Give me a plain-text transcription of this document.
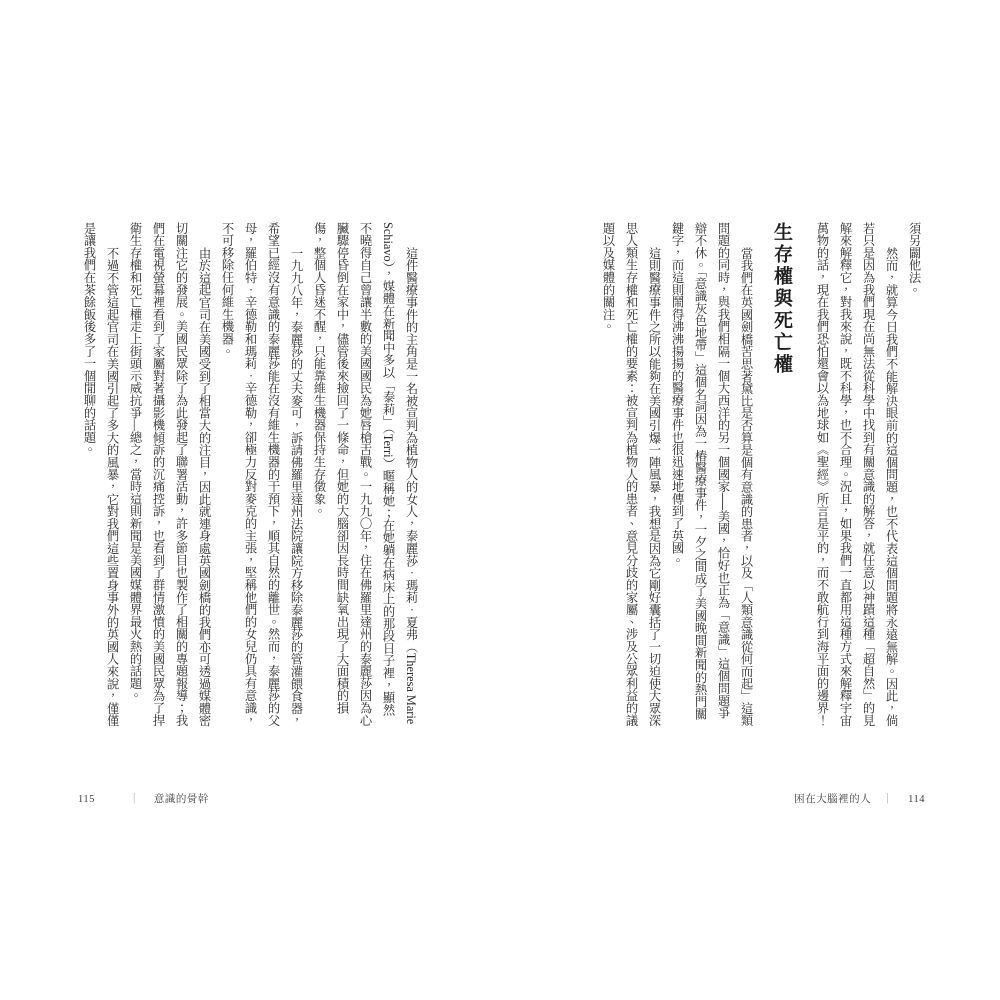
須另闢他法。

然而，就算今日我們不能解決眼前的這個問題，也不代表這個問題將永遠無解。因此，倘若只是因為我們現在尚無法從科學中找到有關意識的解答，就任意以神蹟這種「超自然」的見解來解釋它，對我來說，既不科學，也不合理。況且，如果我們一直都用這種方式來解釋宇宙萬物的話，現在我們恐怕還會以為地球如《聖經》所言是平的，而不敢航行到海平面的邊界！

生存權與死亡權

當我們在英國劍橋苦思著黛比是否算是個有意識的患者，以及「人類意識從何而起」這類問題的同時，與我們相隔一個大西洋的另一個國家──美國，恰好也正為「意識」這個問題爭辯不休。「意識灰色地帶」這個名詞因為一樁醫療事件，一夕之間成了美國晚間新聞的熱門關鍵字，而這則鬧得沸沸揚揚的醫療事件也很迅速地傳到了英國。

這則醫療事件之所以能夠在美國引爆一陣風暴，我想是因為它剛好囊括了一切迫使大眾深思人類生存權和死亡權的要素：被宣判為植物人的患者、意見分歧的家屬、涉及公眾利益的議題以及媒體的關注。

困在大腦裡的人 ｜ 114

這件醫療事件的主角是一名被宣判為植物人的女人，泰麗莎．瑪莉．夏弗（Theresa Marie Schiavo），媒體在新聞中多以「泰莉」（Terri）暱稱她；在她躺在病床上的那段日子裡，顯然不曉得自己曾讓半數的美國國民為她唇槍舌戰。一九九〇年，住在佛羅里達州的泰麗莎因為心臟驟停昏倒在家中，儘管後來撿回了一條命，但她的大腦卻因長時間缺氧出現了大面積的損傷，整個人昏迷不醒，只能靠維生機器保持生存徵象。

一九九八年，泰麗莎的丈夫麥可，訴請佛羅里達州法院讓院方移除泰麗莎的管灌餵食器，希望已經沒有意識的泰麗莎能在沒有維生機器的干預下，順其自然的離世。然而，泰麗莎的父母，羅伯特．辛德勒和瑪莉．辛德勒，卻極力反對麥克的主張，堅稱他們的女兒仍具有意識，不可移除任何維生機器。

由於這起官司在美國受到了相當大的注目，因此就連身處英國劍橋的我們亦可透過媒體密切關注它的發展。美國民眾除了為此發起了聯署活動，許多節目也製作了相關的專題報導；我們在電視螢幕裡看到了家屬對著攝影機傾訴的沉痛控訴，也看到了群情激憤的美國民眾為了捍衛生存權和死亡權走上街頭示威抗爭—總之，當時這則新聞是美國媒體界最火熱的話題。

不過不管這起官司在美國引起了多大的風暴，它對我們這些置身事外的英國人來說，僅僅是讓我們在茶餘飯後多了一個閒聊的話題。

115	｜ 意識的骨幹
